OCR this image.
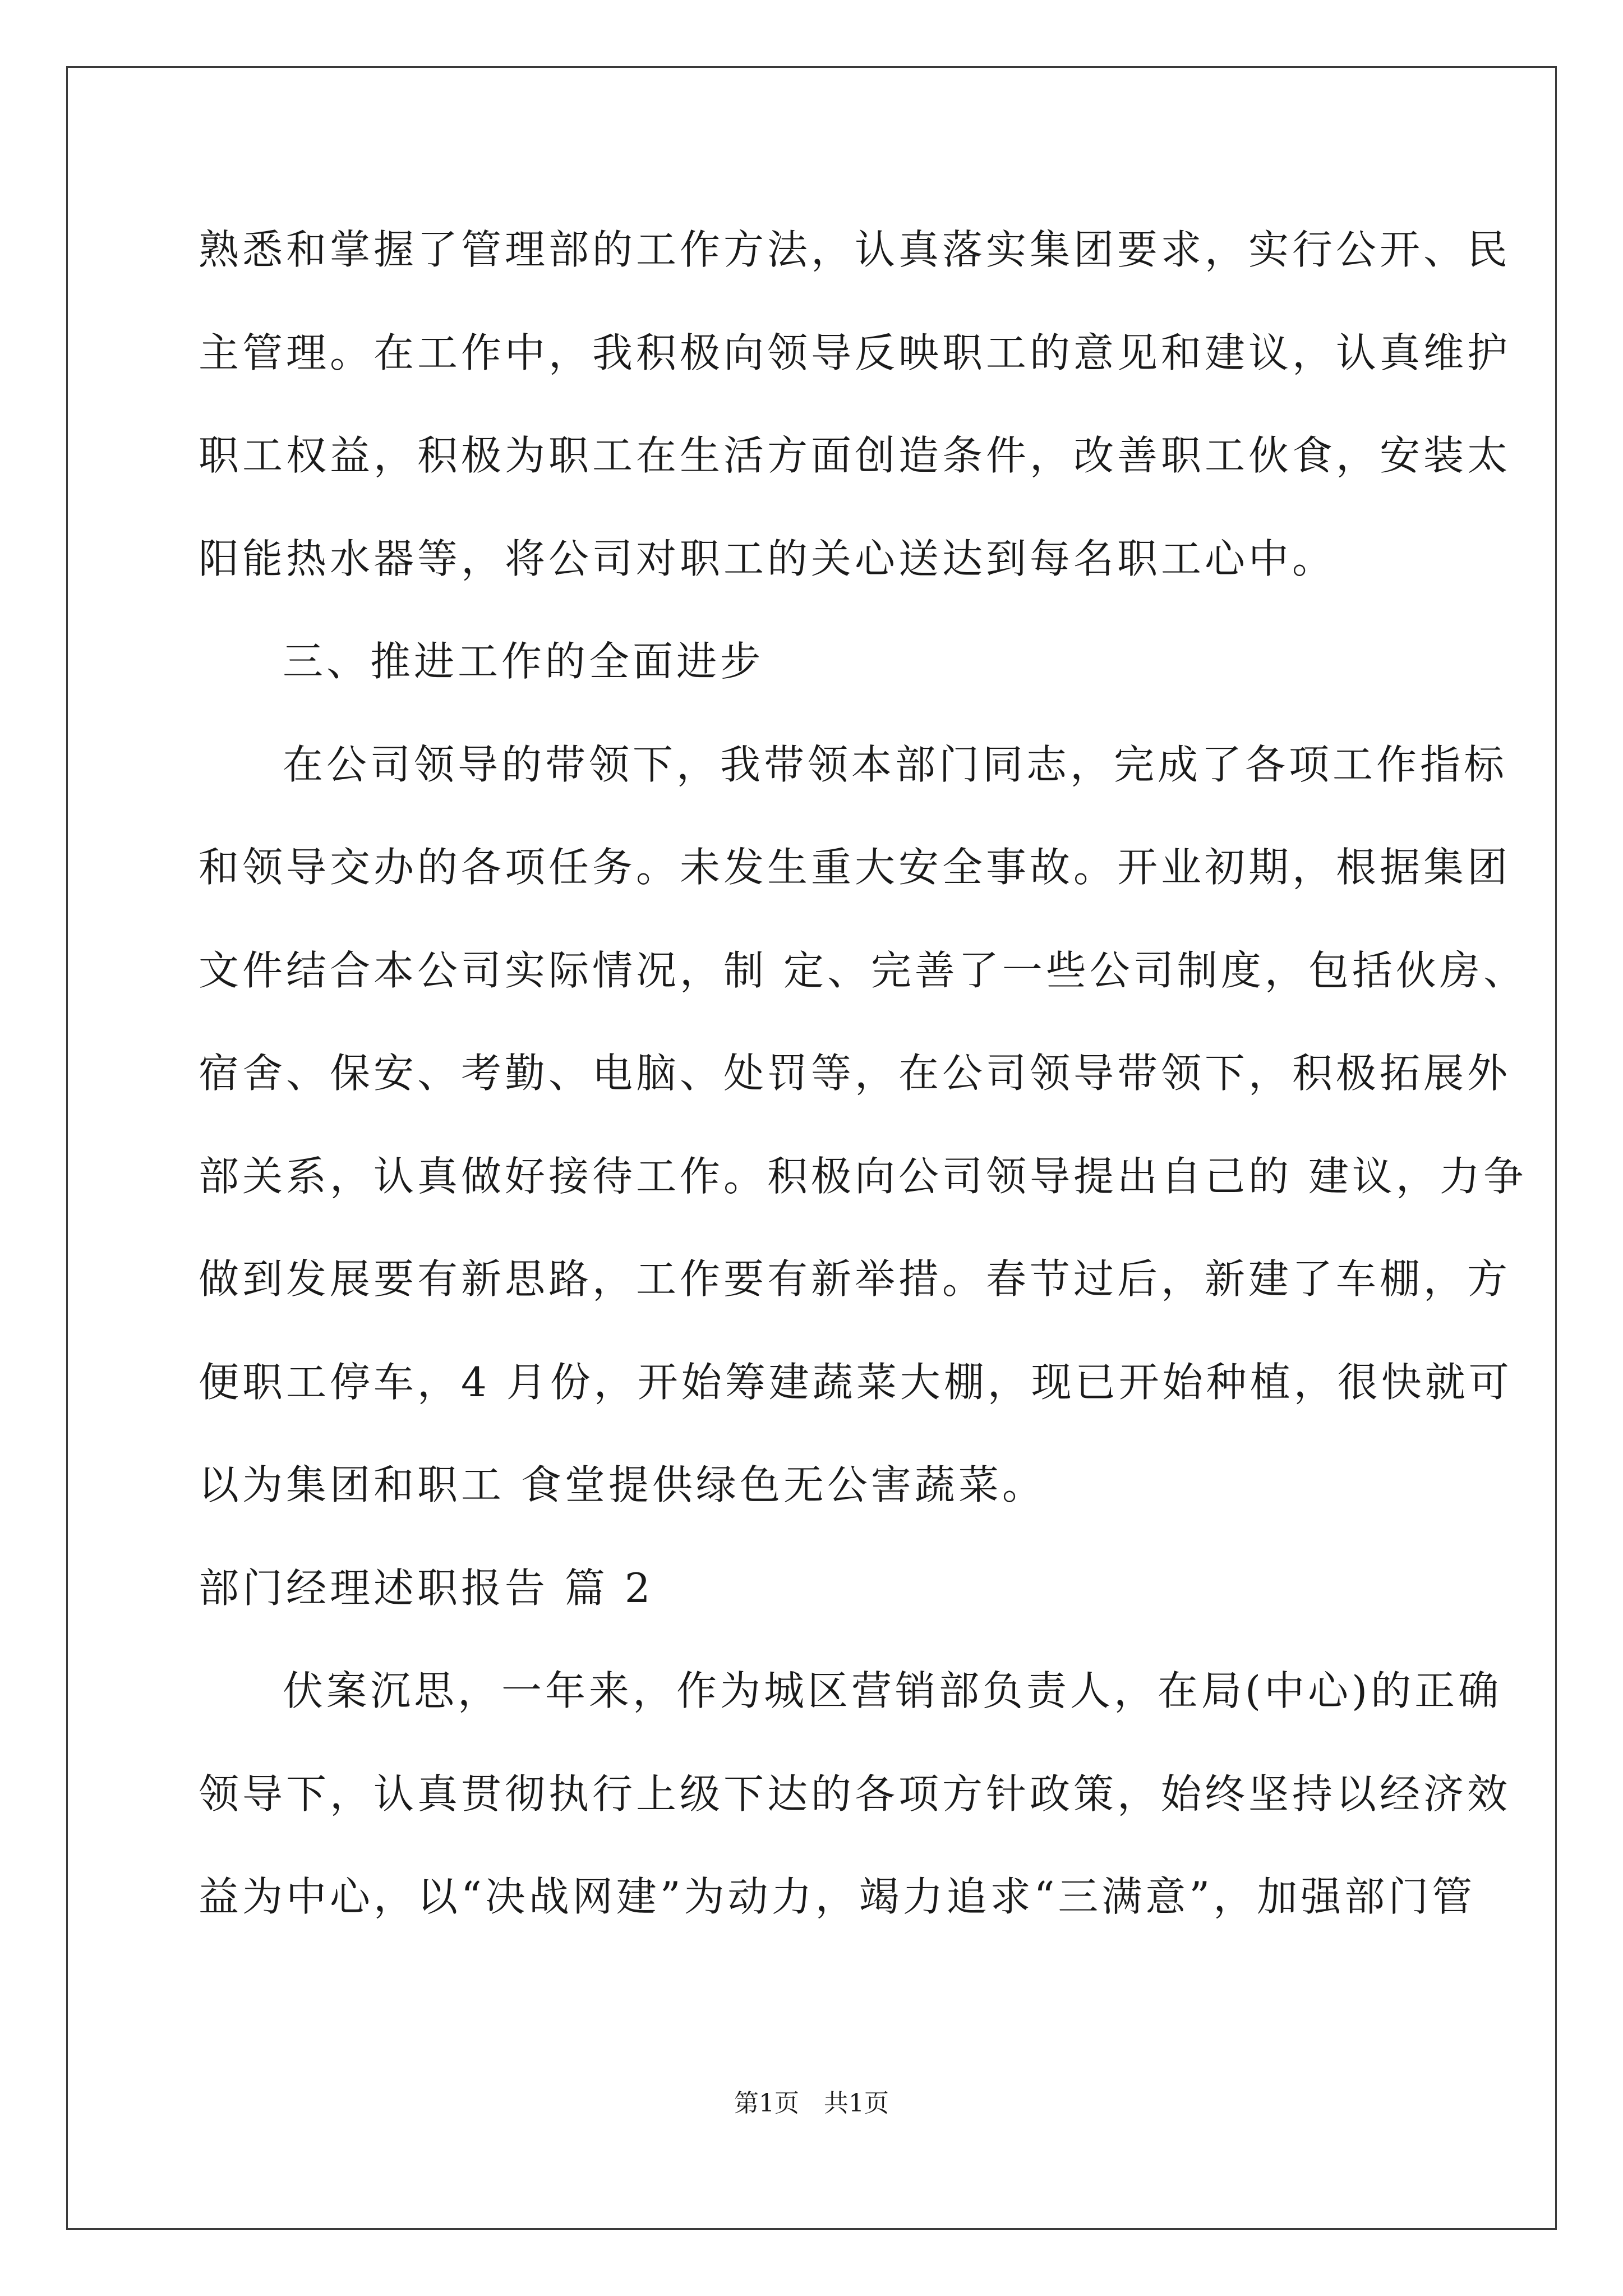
熟悉和掌握了管理部的工作方法，认真落实集团要求，实行公开、民

主管理。在工作中，我积极向领导反映职工的意见和建议，认真维护

职工权益，积极为职工在生活方面创造条件，改善职工伙食，安装太

阳能热水器等，将公司对职工的关心送达到每名职工心中。

三、推进工作的全面进步

在公司领导的带领下，我带领本部门同志，完成了各项工作指标

和领导交办的各项任务。未发生重大安全事故。开业初期，根据集团

文件结合本公司实际情况，制 定、完善了一些公司制度，包括伙房、

宿舍、保安、考勤、电脑、处罚等，在公司领导带领下，积极拓展外

部关系，认真做好接待工作。积极向公司领导提出自己的 建议，力争

做到发展要有新思路，工作要有新举措。春节过后，新建了车棚，方

便职工停车，4 月份，开始筹建蔬菜大棚，现已开始种植，很快就可

以为集团和职工 食堂提供绿色无公害蔬菜。

部门经理述职报告 篇 2

伏案沉思，一年来，作为城区营销部负责人，在局(中心)的正确

领导下，认真贯彻执行上级下达的各项方针政策，始终坚持以经济效

益为中心，以“决战网建”为动力，竭力追求“三满意”，加强部门管

第1页　共1页
